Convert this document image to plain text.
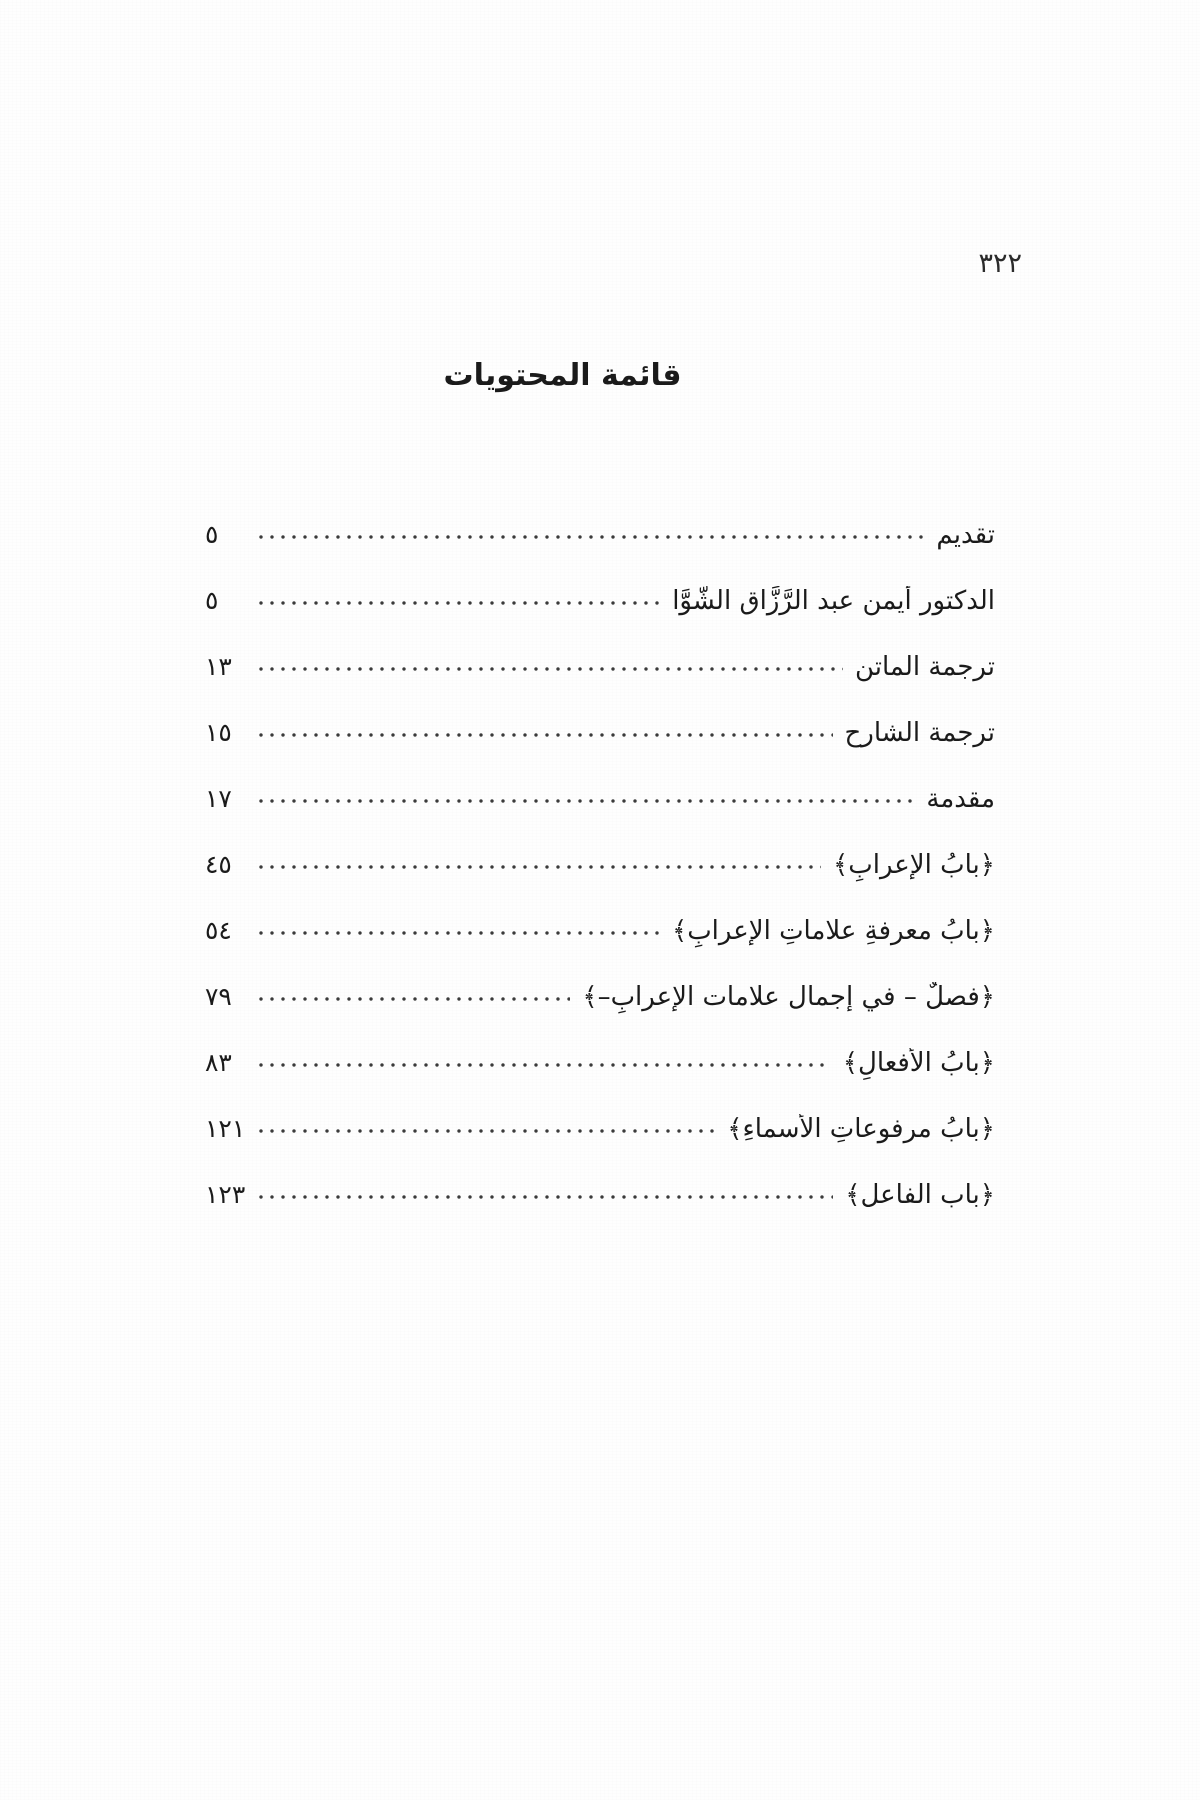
٣٢٢
قائمة المحتويات
تقديم
٥
الدكتور أيمن عبد الرَّزَّاق الشَّوَّا
٥
ترجمة الماتن
١٣
ترجمة الشارح
١٥
مقدمة
١٧
﴿بابُ الإعرابِ﴾
٤٥
﴿بابُ معرفةِ علاماتِ الإعرابِ﴾
٥٤
﴿فصلٌ – في إجمال علامات الإعرابِ–﴾
٧٩
﴿بابُ الأفعالِ﴾
٨٣
﴿بابُ مرفوعاتِ الأسماءِ﴾
١٢١
﴿باب الفاعل﴾
١٢٣
